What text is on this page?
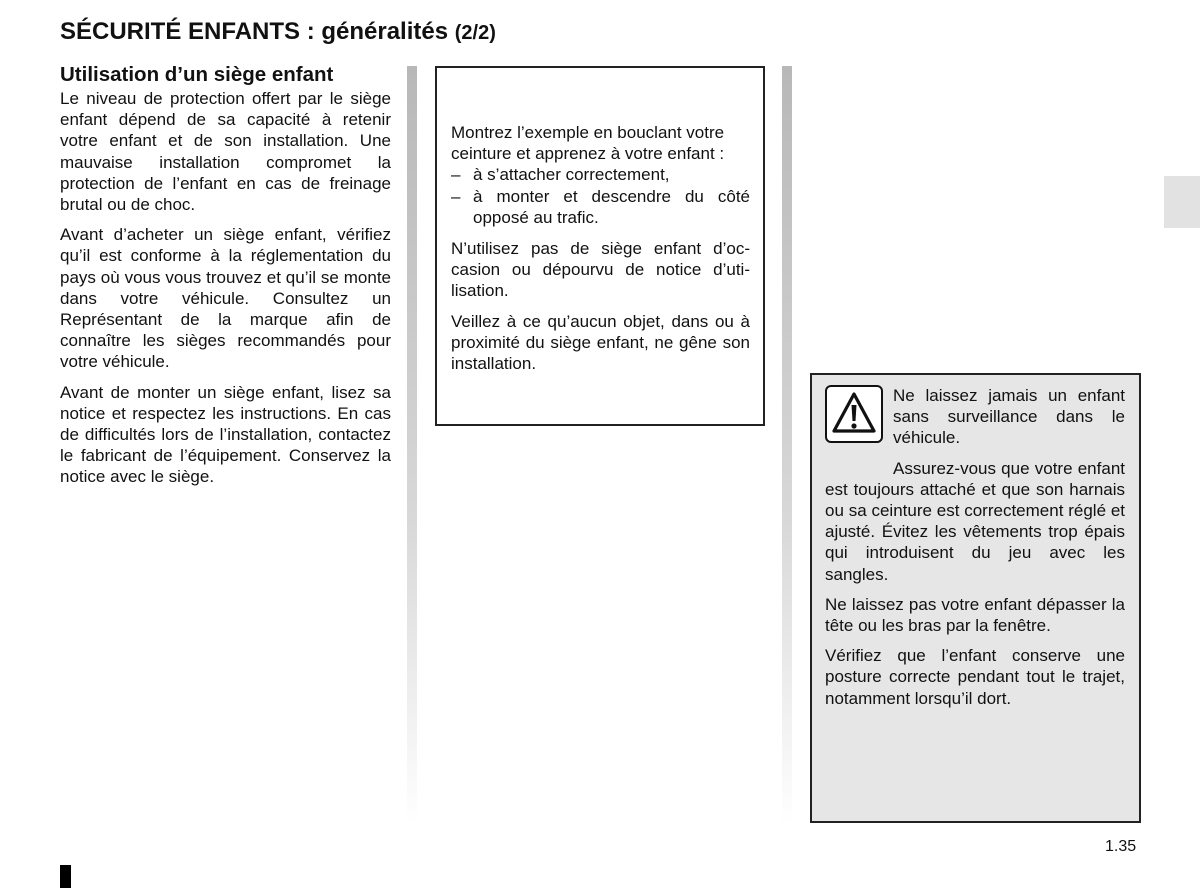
SÉCURITÉ ENFANTS : généralités (2/2)
Utilisation d’un siège enfant

Le niveau de protection offert par le siège enfant dépend de sa capacité à retenir votre enfant et de son installation. Une mauvaise installation compromet la protection de l’enfant en cas de freinage brutal ou de choc.

Avant d’acheter un siège enfant, vérifiez qu’il est conforme à la réglementation du pays où vous vous trouvez et qu’il se monte dans votre véhicule. Consultez un Représentant de la marque afin de connaître les sièges recommandés pour votre véhicule.

Avant de monter un siège enfant, lisez sa notice et respectez les instructions. En cas de difficultés lors de l’installation, contactez le fabricant de l’équipement. Conservez la notice avec le siège.

Montrez l’exemple en bouclant votre ceinture et apprenez à votre enfant :

– à s’attacher correctement,
– à monter et descendre du côté opposé au trafic.

N’utilisez pas de siège enfant d’occasion ou dépourvu de notice d’utilisation.

Veillez à ce qu’aucun objet, dans ou à proximité du siège enfant, ne gêne son installation.

Ne laissez jamais un enfant sans surveillance dans le véhicule.

Assurez-vous que votre enfant est toujours attaché et que son harnais ou sa ceinture est correctement réglé et ajusté. Évitez les vêtements trop épais qui introduisent du jeu avec les sangles.

Ne laissez pas votre enfant dépasser la tête ou les bras par la fenêtre.

Vérifiez que l’enfant conserve une posture correcte pendant tout le trajet, notamment lorsqu’il dort.

1.35
